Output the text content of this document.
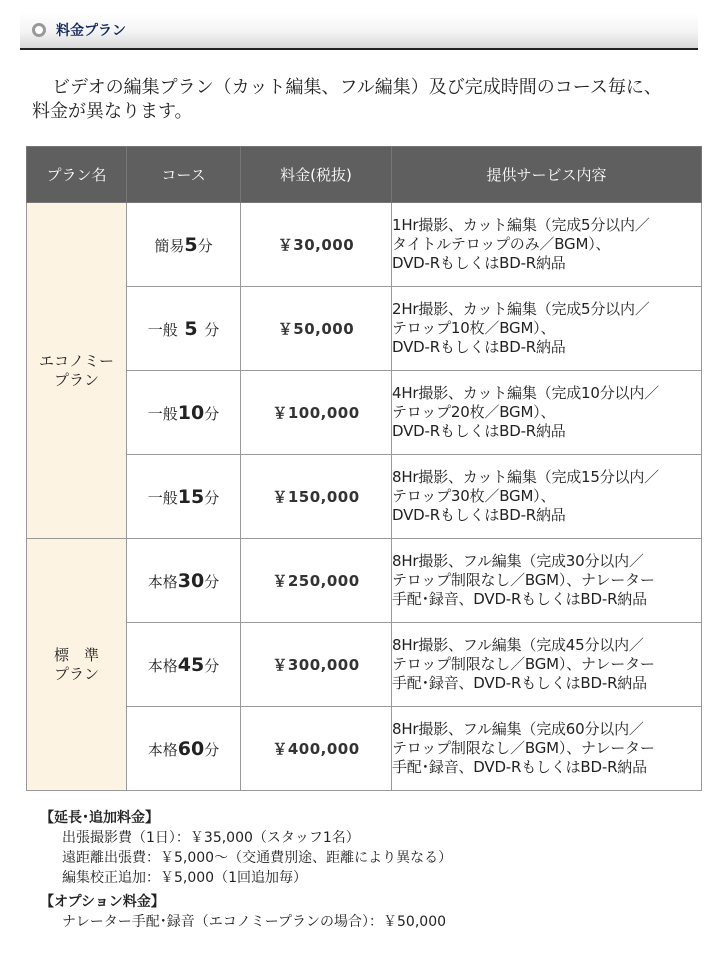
料金プラン
ビデオの編集プラン（カット編集、フル編集）及び完成時間のコース毎に、
料金が異なります。
プラン名	コース	料金(税抜)	提供サービス内容
エコノミー
プラン	簡易5分	￥30,000	1Hr撮影、カット編集（完成5分以内／
タイトルテロップのみ／BGM）、
DVD-RもしくはBD-R納品
	一般 5 分	￥50,000	2Hr撮影、カット編集（完成5分以内／
テロップ10枚／BGM）、
DVD-RもしくはBD-R納品
	一般10分	￥100,000	4Hr撮影、カット編集（完成10分以内／
テロップ20枚／BGM）、
DVD-RもしくはBD-R納品
	一般15分	￥150,000	8Hr撮影、カット編集（完成15分以内／
テロップ30枚／BGM）、
DVD-RもしくはBD-R納品
標　準
プラン	本格30分	￥250,000	8Hr撮影、フル編集（完成30分以内／
テロップ制限なし／BGM）、ナレーター
手配･録音、DVD-RもしくはBD-R納品
	本格45分	￥300,000	8Hr撮影、フル編集（完成45分以内／
テロップ制限なし／BGM）、ナレーター
手配･録音、DVD-RもしくはBD-R納品
	本格60分	￥400,000	8Hr撮影、フル編集（完成60分以内／
テロップ制限なし／BGM）、ナレーター
手配･録音、DVD-RもしくはBD-R納品
【延長･追加料金】
出張撮影費（1日）：￥35,000（スタッフ1名）
遠距離出張費：￥5,000～（交通費別途、距離により異なる）
編集校正追加：￥5,000（1回追加毎）
【オプション料金】
ナレーター手配･録音（エコノミープランの場合）：￥50,000
